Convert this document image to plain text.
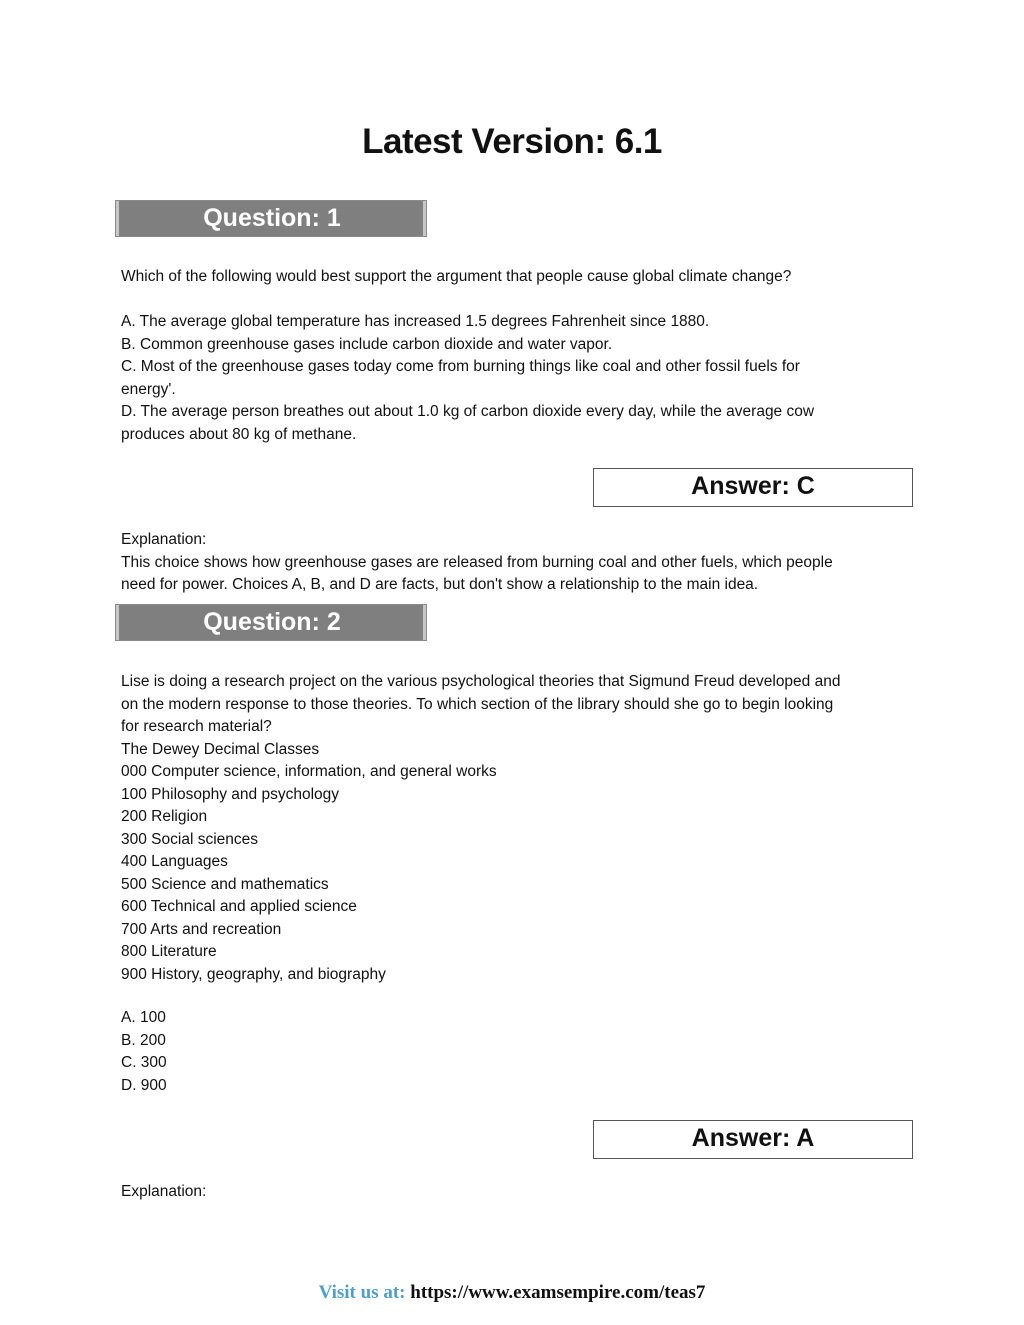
Latest Version: 6.1
Question: 1
Which of the following would best support the argument that people cause global climate change?
A. The average global temperature has increased 1.5 degrees Fahrenheit since 1880.
B. Common greenhouse gases include carbon dioxide and water vapor.
C. Most of the greenhouse gases today come from burning things like coal and other fossil fuels for
energy'.
D. The average person breathes out about 1.0 kg of carbon dioxide every day, while the average cow
produces about 80 kg of methane.
Answer: C
Explanation:
This choice shows how greenhouse gases are released from burning coal and other fuels, which people
need for power. Choices A, B, and D are facts, but don't show a relationship to the main idea.
Question: 2
Lise is doing a research project on the various psychological theories that Sigmund Freud developed and
on the modern response to those theories. To which section of the library should she go to begin looking
for research material?
The Dewey Decimal Classes
000 Computer science, information, and general works
100 Philosophy and psychology
200 Religion
300 Social sciences
400 Languages
500 Science and mathematics
600 Technical and applied science
700 Arts and recreation
800 Literature
900 History, geography, and biography
A. 100
B. 200
C. 300
D. 900
Answer: A
Explanation:
Visit us at: https://www.examsempire.com/teas7
